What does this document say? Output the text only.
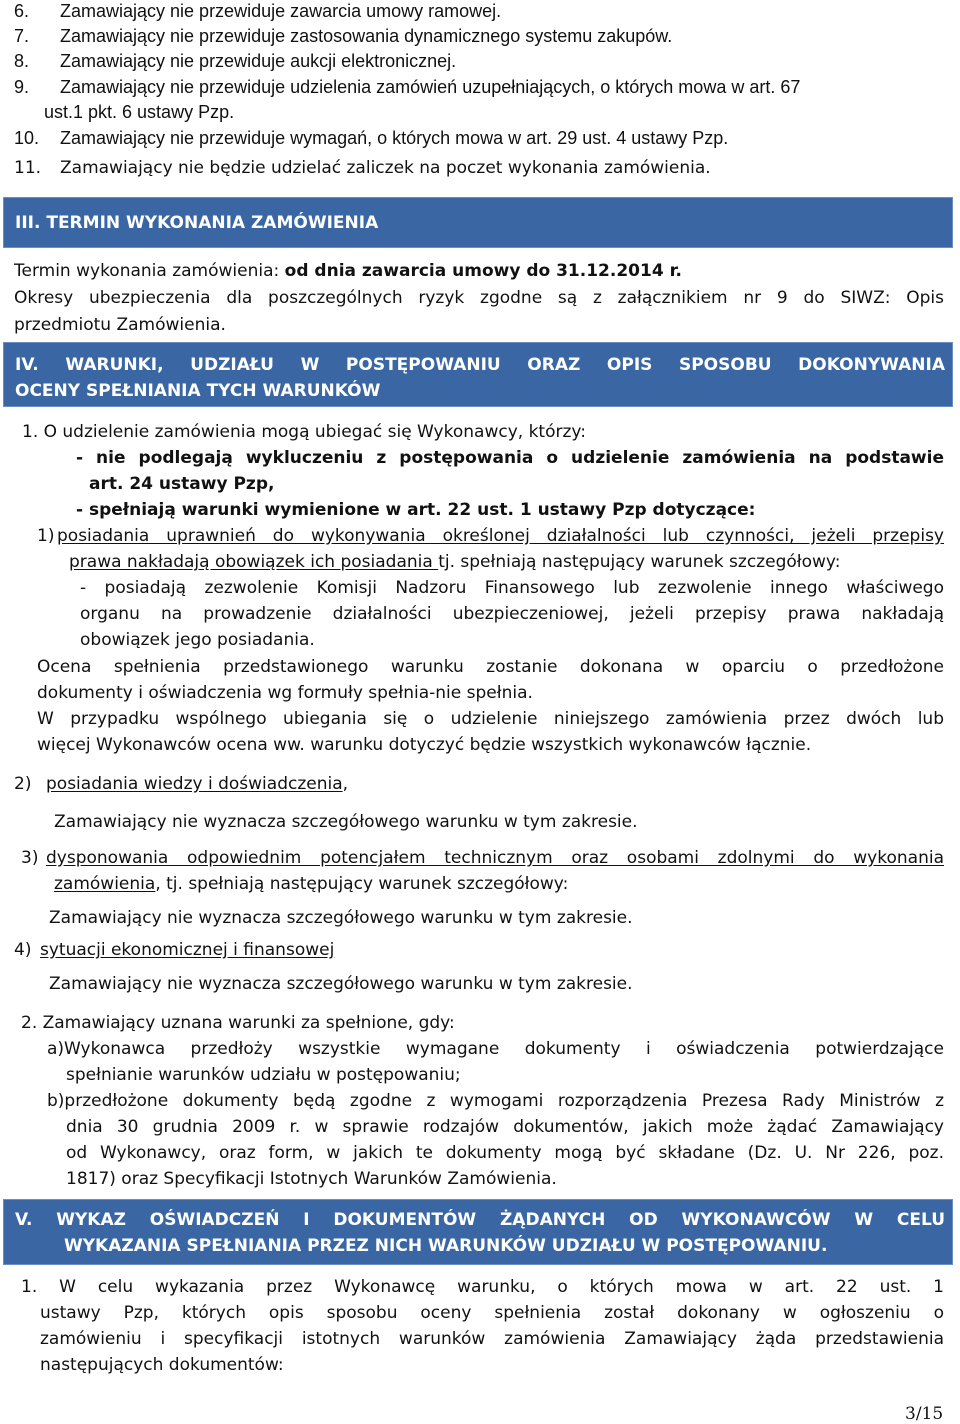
6. Zamawiający nie przewiduje zawarcia umowy ramowej.
7. Zamawiający nie przewiduje zastosowania dynamicznego systemu zakupów.
8. Zamawiający nie przewiduje aukcji elektronicznej.
9. Zamawiający nie przewiduje udzielenia zamówień uzupełniających, o których mowa w art. 67
ust.1 pkt. 6 ustawy Pzp.
10. Zamawiający nie przewiduje wymagań, o których mowa w art. 29 ust. 4 ustawy Pzp.
11. Zamawiający nie będzie udzielać zaliczek na poczet wykonania zamówienia.
III. TERMIN WYKONANIA ZAMÓWIENIA
Termin wykonania zamówienia: od dnia zawarcia umowy do 31.12.2014 r.
Okresy ubezpieczenia dla poszczególnych ryzyk zgodne są z załącznikiem nr 9 do SIWZ: Opis
przedmiotu Zamówienia.
IV. WARUNKI, UDZIAŁU W POSTĘPOWANIU ORAZ OPIS SPOSOBU DOKONYWANIA
OCENY SPEŁNIANIA TYCH WARUNKÓW
1. O udzielenie zamówienia mogą ubiegać się Wykonawcy, którzy:
- nie podlegają wykluczeniu z postępowania o udzielenie zamówienia na podstawie
art. 24 ustawy Pzp,
- spełniają warunki wymienione w art. 22 ust. 1 ustawy Pzp dotyczące:
1) posiadania uprawnień do wykonywania określonej działalności lub czynności, jeżeli przepisy
prawa nakładają obowiązek ich posiadania tj. spełniają następujący warunek szczegółowy:
- posiadają zezwolenie Komisji Nadzoru Finansowego lub zezwolenie innego właściwego
organu na prowadzenie działalności ubezpieczeniowej, jeżeli przepisy prawa nakładają
obowiązek jego posiadania.
Ocena spełnienia przedstawionego warunku zostanie dokonana w oparciu o przedłożone
dokumenty i oświadczenia wg formuły spełnia-nie spełnia.
W przypadku wspólnego ubiegania się o udzielenie niniejszego zamówienia przez dwóch lub
więcej Wykonawców ocena ww. warunku dotyczyć będzie wszystkich wykonawców łącznie.
2) posiadania wiedzy i doświadczenia,
Zamawiający nie wyznacza szczegółowego warunku w tym zakresie.
3) dysponowania odpowiednim potencjałem technicznym oraz osobami zdolnymi do wykonania
zamówienia, tj. spełniają następujący warunek szczegółowy:
Zamawiający nie wyznacza szczegółowego warunku w tym zakresie.
4) sytuacji ekonomicznej i finansowej
Zamawiający nie wyznacza szczegółowego warunku w tym zakresie.
2. Zamawiający uznana warunki za spełnione, gdy:
a)Wykonawca przedłoży wszystkie wymagane dokumenty i oświadczenia potwierdzające
spełnianie warunków udziału w postępowaniu;
b)przedłożone dokumenty będą zgodne z wymogami rozporządzenia Prezesa Rady Ministrów z
dnia 30 grudnia 2009 r. w sprawie rodzajów dokumentów, jakich może żądać Zamawiający
od Wykonawcy, oraz form, w jakich te dokumenty mogą być składane (Dz. U. Nr 226, poz.
1817) oraz Specyfikacji Istotnych Warunków Zamówienia.
V. WYKAZ OŚWIADCZEŃ I DOKUMENTÓW ŻĄDANYCH OD WYKONAWCÓW W CELU
WYKAZANIA SPEŁNIANIA PRZEZ NICH WARUNKÓW UDZIAŁU W POSTĘPOWANIU.
1. W celu wykazania przez Wykonawcę warunku, o których mowa w art. 22 ust. 1
ustawy Pzp, których opis sposobu oceny spełnienia został dokonany w ogłoszeniu o
zamówieniu i specyfikacji istotnych warunków zamówienia Zamawiający żąda przedstawienia
następujących dokumentów:
3/15
